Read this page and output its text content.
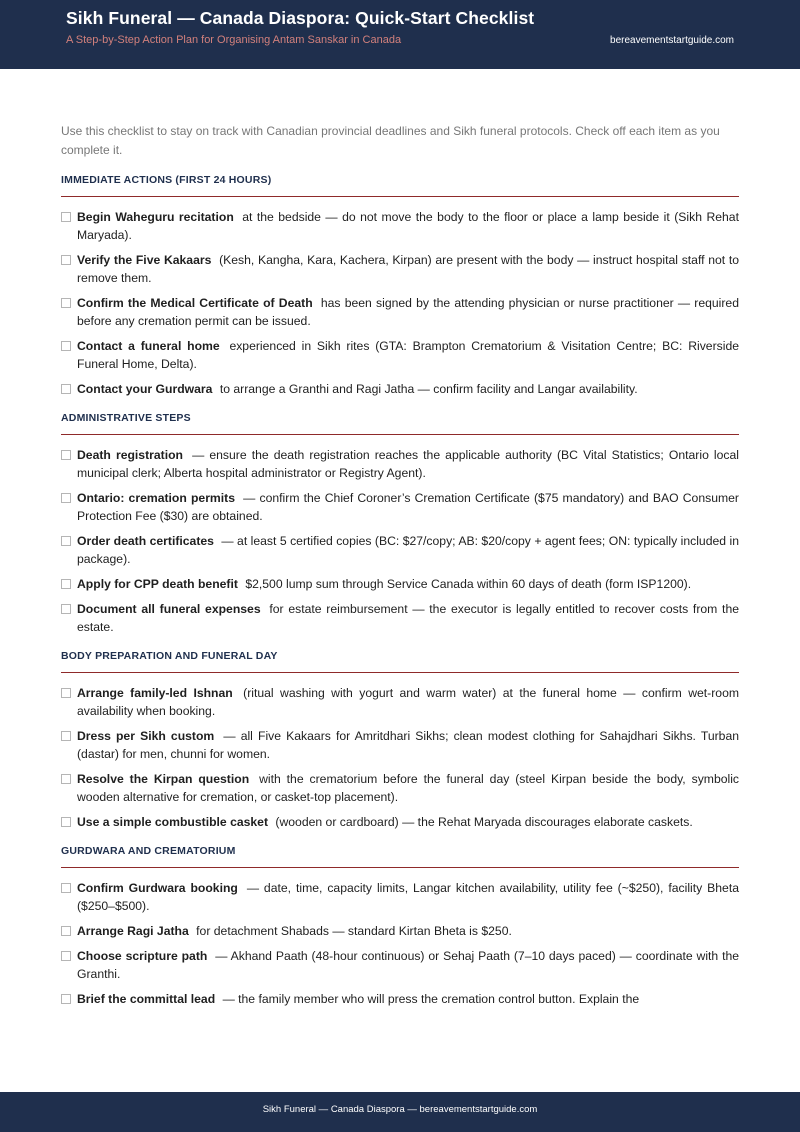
Sikh Funeral — Canada Diaspora: Quick-Start Checklist
A Step-by-Step Action Plan for Organising Antam Sanskar in Canada	bereavementstartguide.com

Use this checklist to stay on track with Canadian provincial deadlines and Sikh funeral protocols. Check off each item as you complete it.

IMMEDIATE ACTIONS (FIRST 24 HOURS)
Begin Waheguru recitation at the bedside — do not move the body to the floor or place a lamp beside it (Sikh Rehat Maryada).
Verify the Five Kakaars (Kesh, Kangha, Kara, Kachera, Kirpan) are present with the body — instruct hospital staff not to remove them.
Confirm the Medical Certificate of Death has been signed by the attending physician or nurse practitioner — required before any cremation permit can be issued.
Contact a funeral home experienced in Sikh rites (GTA: Brampton Crematorium & Visitation Centre; BC: Riverside Funeral Home, Delta).
Contact your Gurdwara to arrange a Granthi and Ragi Jatha — confirm facility and Langar availability.
ADMINISTRATIVE STEPS
Death registration — ensure the death registration reaches the applicable authority (BC Vital Statistics; Ontario local municipal clerk; Alberta hospital administrator or Registry Agent).
Ontario: cremation permits — confirm the Chief Coroner’s Cremation Certificate ($75 mandatory) and BAO Consumer Protection Fee ($30) are obtained.
Order death certificates — at least 5 certified copies (BC: $27/copy; AB: $20/copy + agent fees; ON: typically included in package).
Apply for CPP death benefit $2,500 lump sum through Service Canada within 60 days of death (form ISP1200).
Document all funeral expenses for estate reimbursement — the executor is legally entitled to recover costs from the estate.
BODY PREPARATION AND FUNERAL DAY
Arrange family-led Ishnan (ritual washing with yogurt and warm water) at the funeral home — confirm wet-room availability when booking.
Dress per Sikh custom — all Five Kakaars for Amritdhari Sikhs; clean modest clothing for Sahajdhari Sikhs. Turban (dastar) for men, chunni for women.
Resolve the Kirpan question with the crematorium before the funeral day (steel Kirpan beside the body, symbolic wooden alternative for cremation, or casket-top placement).
Use a simple combustible casket (wooden or cardboard) — the Rehat Maryada discourages elaborate caskets.
GURDWARA AND CREMATORIUM
Confirm Gurdwara booking — date, time, capacity limits, Langar kitchen availability, utility fee (~$250), facility Bheta ($250–$500).
Arrange Ragi Jatha for detachment Shabads — standard Kirtan Bheta is $250.
Choose scripture path — Akhand Paath (48-hour continuous) or Sehaj Paath (7–10 days paced) — coordinate with the Granthi.
Brief the committal lead — the family member who will press the cremation control button. Explain the
Sikh Funeral — Canada Diaspora — bereavementstartguide.com
